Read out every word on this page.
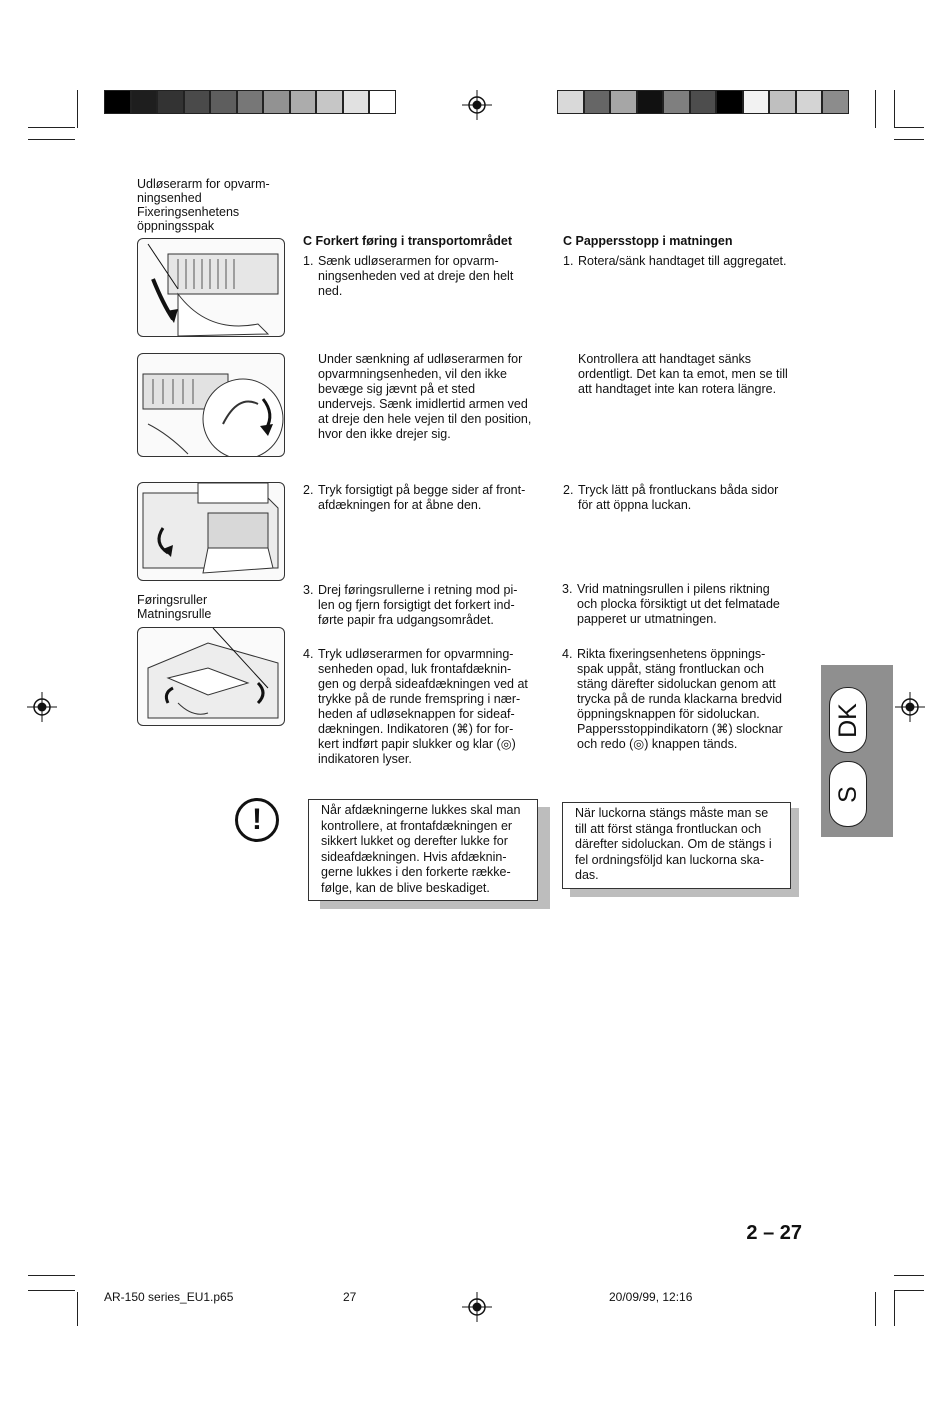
Udløserarm for opvarm-
ningsenhed
Fixeringsenhetens
öppningsspak
Føringsruller
Matningsrulle
C Forkert føring i transportområdet
1. Sænk udløserarmen for opvarm-
ningsenheden ved at dreje den helt
ned.
Under sænkning af udløserarmen for
opvarmningsenheden, vil den ikke
bevæge sig jævnt på et sted
undervejs. Sænk imidlertid armen ved
at dreje den hele vejen til den position,
hvor den ikke drejer sig.
2. Tryk forsigtigt på begge sider af front-
afdækningen for at åbne den.
3. Drej føringsrullerne i retning mod pi-
len og fjern forsigtigt det forkert ind-
førte papir fra udgangsområdet.
4. Tryk udløserarmen for opvarmning-
senheden opad, luk frontafdæknin-
gen og derpå sideafdækningen ved at
trykke på de runde fremspring i nær-
heden af udløseknappen for sideaf-
dækningen. Indikatoren (⌘) for for-
kert indført papir slukker og klar (◎)
indikatoren lyser.
C Pappersstopp i matningen
1. Rotera/sänk handtaget till aggregatet.
Kontrollera att handtaget sänks
ordentligt. Det kan ta emot, men se till
att handtaget inte kan rotera längre.
2. Tryck lätt på frontluckans båda sidor
för att öppna luckan.
3. Vrid matningsrullen i pilens riktning
och plocka försiktigt ut det felmatade
papperet ur utmatningen.
4. Rikta fixeringsenhetens öppnings-
spak uppåt, stäng frontluckan och
stäng därefter sidoluckan genom att
trycka på de runda klackarna bredvid
öppningsknappen för sidoluckan.
Pappersstoppindikatorn (⌘) slocknar
och redo (◎) knappen tänds.
!	Når afdækningerne lukkes skal man
kontrollere, at frontafdækningen er
sikkert lukket og derefter lukke for
sideafdækningen. Hvis afdæknin-
gerne lukkes i den forkerte række-
følge, kan de blive beskadiget.
När luckorna stängs måste man se
till att först stänga frontluckan och
därefter sidoluckan. Om de stängs i
fel ordningsföljd kan luckorna ska-
das.
DK
S
2 – 27
AR-150 series_EU1.p65	27	20/09/99, 12:16
